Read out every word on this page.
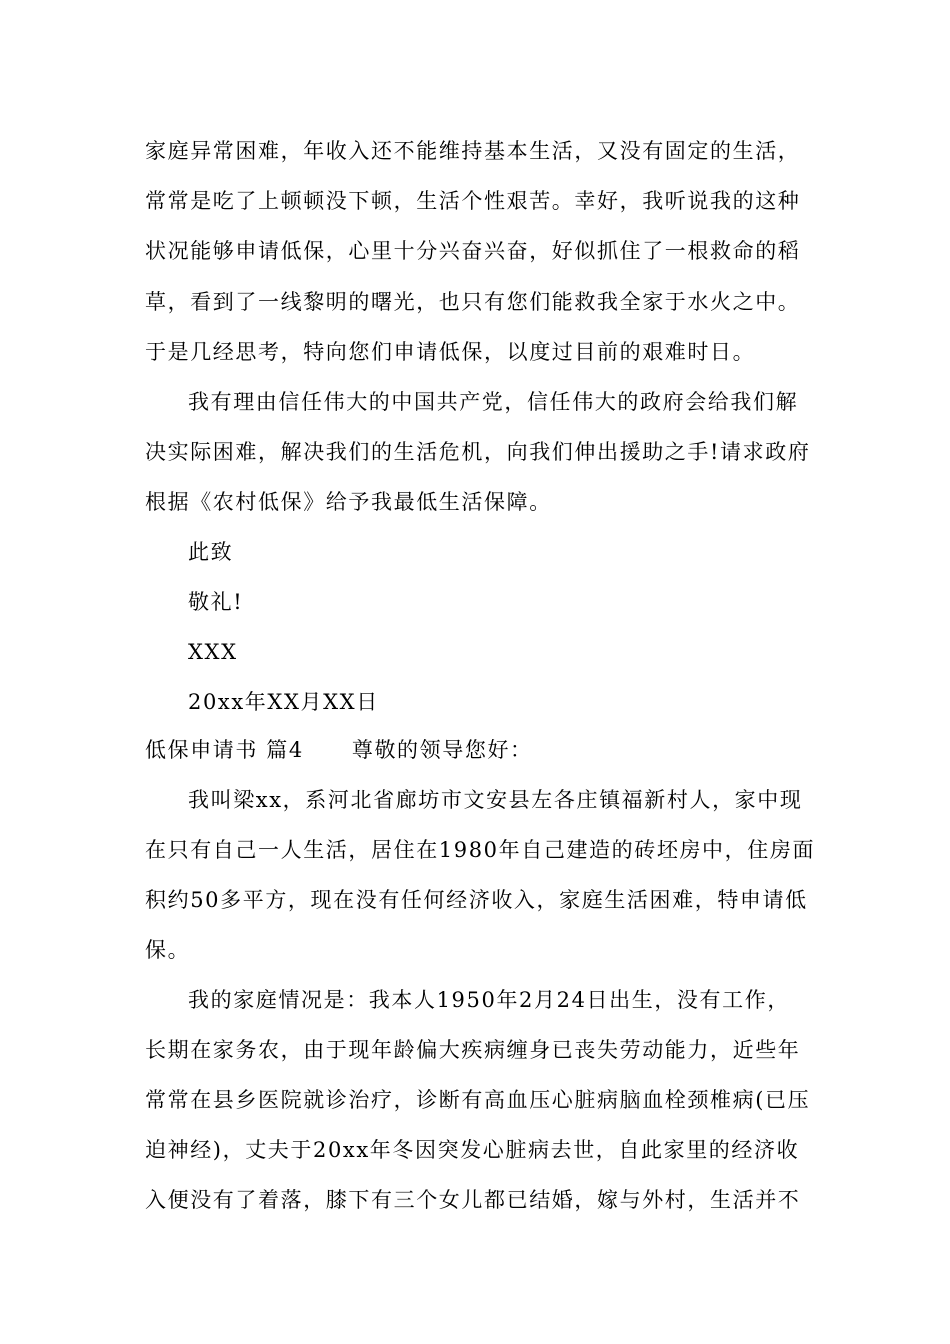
家庭异常困难，年收入还不能维持基本生活，又没有固定的生活，
常常是吃了上顿顿没下顿，生活个性艰苦。幸好，我听说我的这种
状况能够申请低保，心里十分兴奋兴奋，好似抓住了一根救命的稻
草，看到了一线黎明的曙光，也只有您们能救我全家于水火之中。
于是几经思考，特向您们申请低保，以度过目前的艰难时日。
我有理由信任伟大的中国共产党，信任伟大的政府会给我们解
决实际困难，解决我们的生活危机，向我们伸出援助之手!请求政府
根据《农村低保》给予我最低生活保障。
此致
敬礼!
XXX
20xx年XX月XX日
低保申请书 篇4 尊敬的领导您好：
我叫梁xx，系河北省廊坊市文安县左各庄镇福新村人，家中现
在只有自己一人生活，居住在1980年自己建造的砖坯房中，住房面
积约50多平方，现在没有任何经济收入，家庭生活困难，特申请低
保。
我的家庭情况是：我本人1950年2月24日出生，没有工作，
长期在家务农，由于现年龄偏大疾病缠身已丧失劳动能力，近些年
常常在县乡医院就诊治疗，诊断有高血压心脏病脑血栓颈椎病(已压
迫神经)，丈夫于20xx年冬因突发心脏病去世，自此家里的经济收
入便没有了着落，膝下有三个女儿都已结婚，嫁与外村，生活并不
